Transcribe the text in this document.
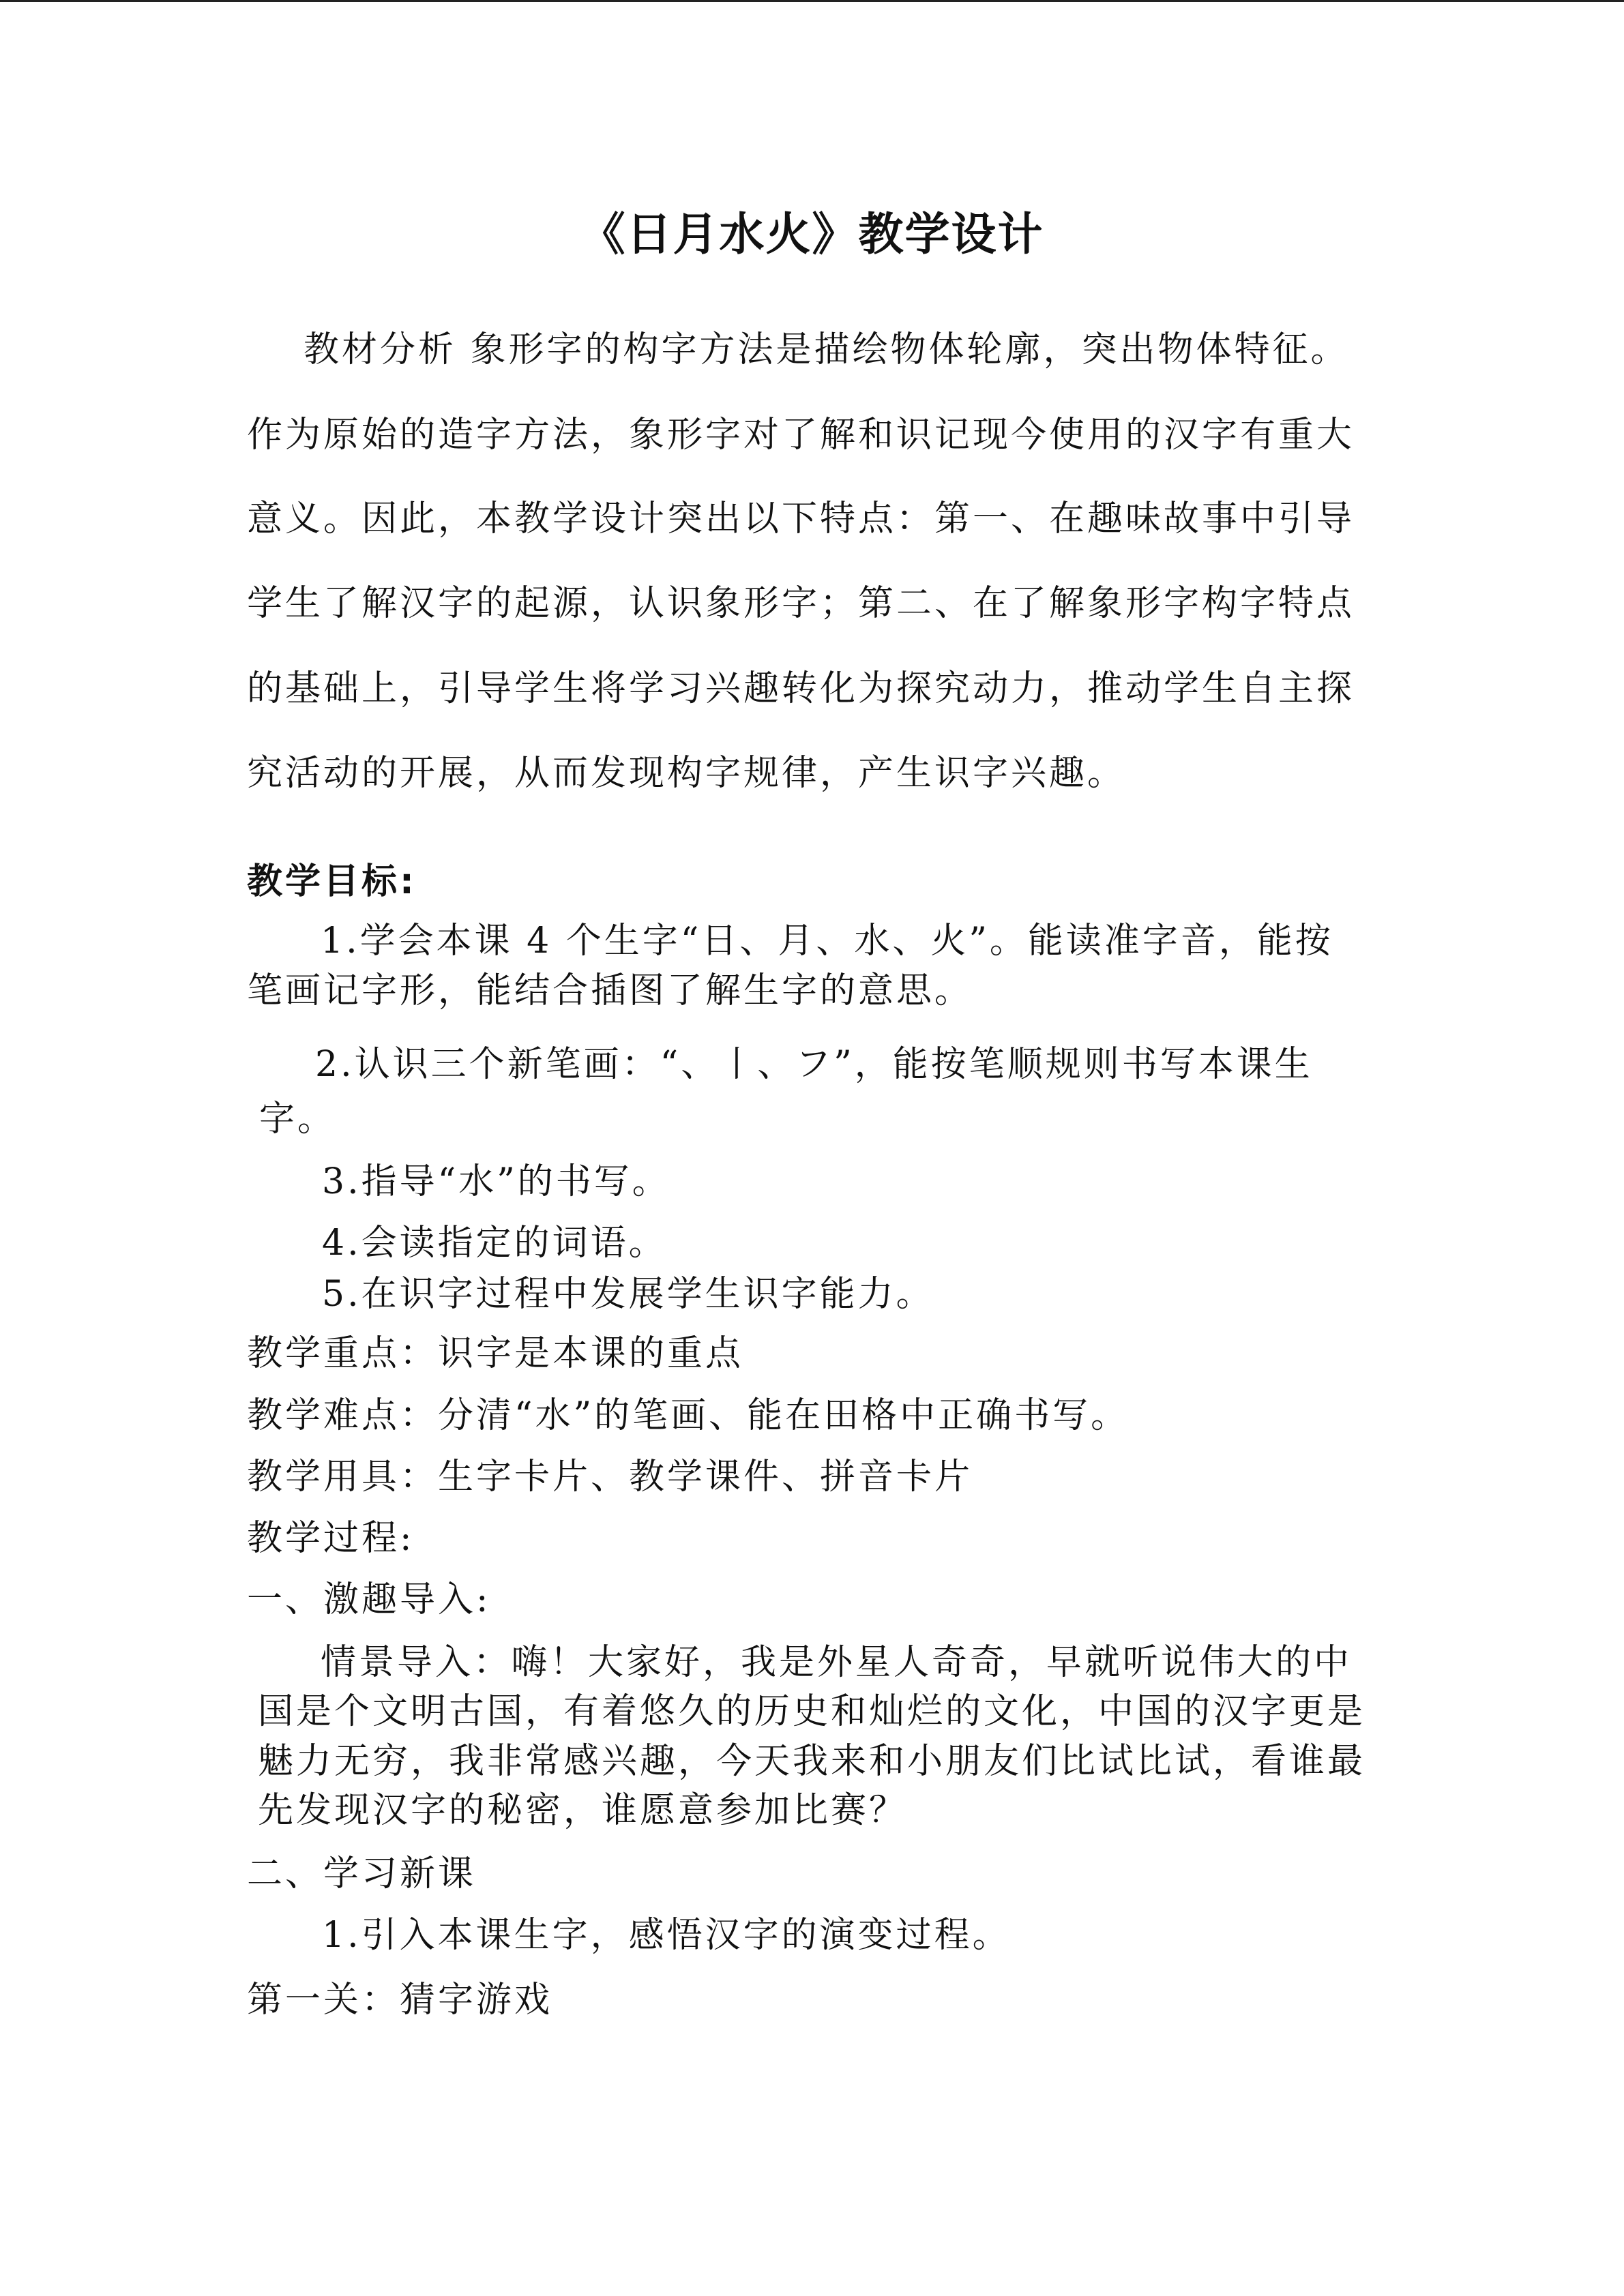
《日月水火》教学设计
教材分析 象形字的构字方法是描绘物体轮廓，突出物体特征。
作为原始的造字方法，象形字对了解和识记现今使用的汉字有重大
意义。因此，本教学设计突出以下特点：第一、在趣味故事中引导
学生了解汉字的起源，认识象形字；第二、在了解象形字构字特点
的基础上，引导学生将学习兴趣转化为探究动力，推动学生自主探
究活动的开展，从而发现构字规律，产生识字兴趣。
教学目标:
1.学会本课 4 个生字“日、月、水、火”。能读准字音，能按
笔画记字形，能结合插图了解生字的意思。
2.认识三个新笔画：“、丨、フ”，能按笔顺规则书写本课生
字。
3.指导“水”的书写。
4.会读指定的词语。
5.在识字过程中发展学生识字能力。
教学重点：识字是本课的重点
教学难点：分清“水”的笔画、能在田格中正确书写。
教学用具：生字卡片、教学课件、拼音卡片
教学过程:
一、激趣导入:
情景导入：嗨！大家好，我是外星人奇奇，早就听说伟大的中
国是个文明古国，有着悠久的历史和灿烂的文化，中国的汉字更是
魅力无穷，我非常感兴趣，今天我来和小朋友们比试比试，看谁最
先发现汉字的秘密，谁愿意参加比赛？
二、学习新课
1.引入本课生字，感悟汉字的演变过程。
第一关：猜字游戏
